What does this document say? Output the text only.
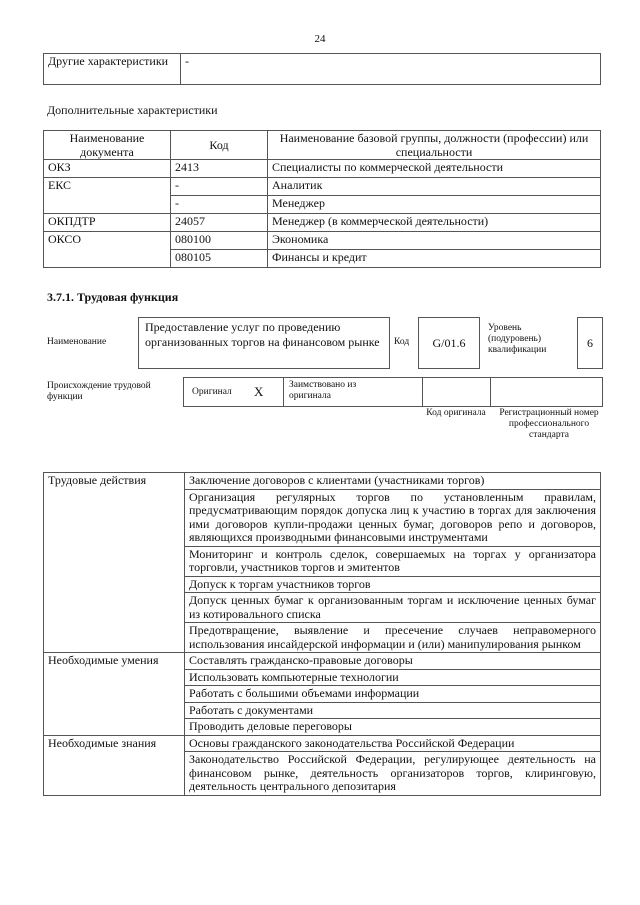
24
Другие характеристики	-
Дополнительные характеристики
Наименование документа	Код	Наименование базовой группы, должности (профессии) или специальности
ОКЗ	2413	Специалисты по коммерческой деятельности
ЕКС	-	Аналитик
	-	Менеджер
ОКПДТР	24057	Менеджер (в коммерческой деятельности)
ОКСО	080100	Экономика
	080105	Финансы и кредит
3.7.1. Трудовая функция
Наименование
Предоставление услуг по проведению организованных торгов на финансовом рынке	Код	G/01.6
Уровень (подуровень) квалификации	6
Происхождение трудовой функции	Оригинал X	Заимствовано из оригинала
Код оригинала	Регистрационный номер профессионального стандарта
Трудовые действия	Заключение договоров с клиентами (участниками торгов)
	Организация регулярных торгов по установленным правилам, предусматривающим порядок допуска лиц к участию в торгах для заключения ими договоров купли-продажи ценных бумаг, договоров репо и договоров, являющихся производными финансовыми инструментами
	Мониторинг и контроль сделок, совершаемых на торгах у организатора торговли, участников торгов и эмитентов
	Допуск к торгам участников торгов
	Допуск ценных бумаг к организованным торгам и исключение ценных бумаг из котировального списка
	Предотвращение, выявление и пресечение случаев неправомерного использования инсайдерской информации и (или) манипулирования рынком
Необходимые умения	Составлять гражданско-правовые договоры
	Использовать компьютерные технологии
	Работать с большими объемами информации
	Работать с документами
	Проводить деловые переговоры
Необходимые знания	Основы гражданского законодательства Российской Федерации
	Законодательство Российской Федерации, регулирующее деятельность на финансовом рынке, деятельность организаторов торгов, клиринговую, деятельность центрального депозитария
